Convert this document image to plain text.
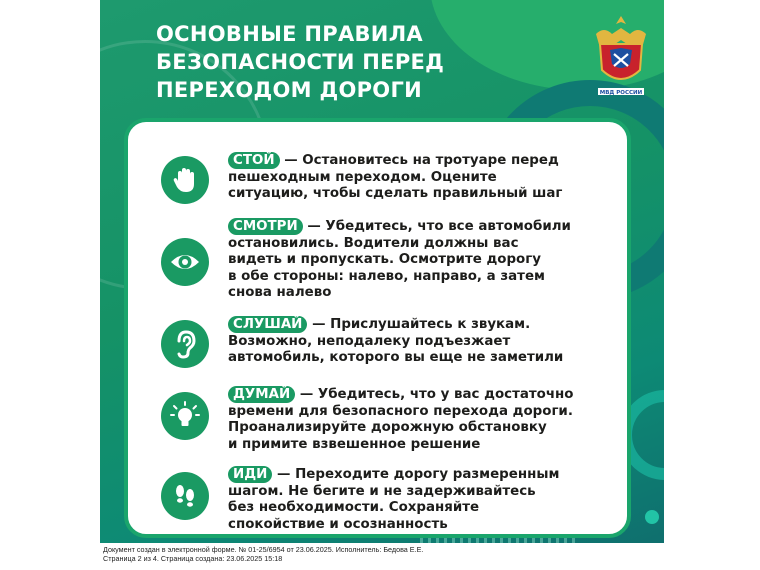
ОСНОВНЫЕ ПРАВИЛА
БЕЗОПАСНОСТИ ПЕРЕД
ПЕРЕХОДОМ ДОРОГИ	МВД РОССИИ
СТОЙ — Остановитесь на тротуаре перед
пешеходным переходом. Оцените
ситуацию, чтобы сделать правильный шаг
СМОТРИ — Убедитесь, что все автомобили
остановились. Водители должны вас
видеть и пропускать. Осмотрите дорогу
в обе стороны: налево, направо, а затем
снова налево
СЛУШАЙ — Прислушайтесь к звукам.
Возможно, неподалеку подъезжает
автомобиль, которого вы еще не заметили
ДУМАЙ — Убедитесь, что у вас достаточно
времени для безопасного перехода дороги.
Проанализируйте дорожную обстановку
и примите взвешенное решение
ИДИ — Переходите дорогу размеренным
шагом. Не бегите и не задерживайтесь
без необходимости. Сохраняйте
спокойствие и осознанность
Документ создан в электронной форме. № 01-25/6954 от 23.06.2025. Исполнитель: Бедова Е.Е.
Страница 2 из 4. Страница создана: 23.06.2025 15:18
